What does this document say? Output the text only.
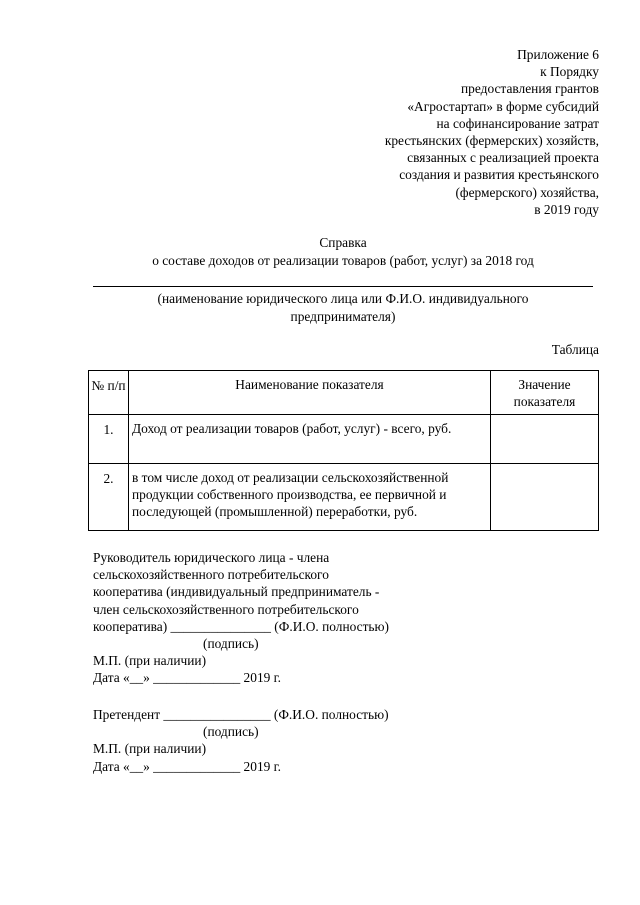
Приложение 6
к Порядку
предоставления грантов
«Агростартап» в форме субсидий
на софинансирование затрат
крестьянских (фермерских) хозяйств,
связанных с реализацией проекта
создания и развития крестьянского
(фермерского) хозяйства,
в 2019 году
Справка
о составе доходов от реализации товаров (работ, услуг) за 2018 год
(наименование юридического лица или Ф.И.О. индивидуального
предпринимателя)
Таблица
№ п/п	Наименование показателя	Значение показателя
1.	Доход от реализации товаров (работ, услуг) - всего, руб.	
2.	в том числе доход от реализации сельскохозяйственной продукции собственного производства, ее первичной и последующей (промышленной) переработки, руб.	
Руководитель юридического лица - члена
сельскохозяйственного потребительского
кооператива (индивидуальный предприниматель -
член сельскохозяйственного потребительского
кооператива) _______________ (Ф.И.О. полностью)
(подпись)
М.П. (при наличии)
Дата «__» _____________ 2019 г.
Претендент ________________ (Ф.И.О. полностью)
(подпись)
М.П. (при наличии)
Дата «__» _____________ 2019 г.
